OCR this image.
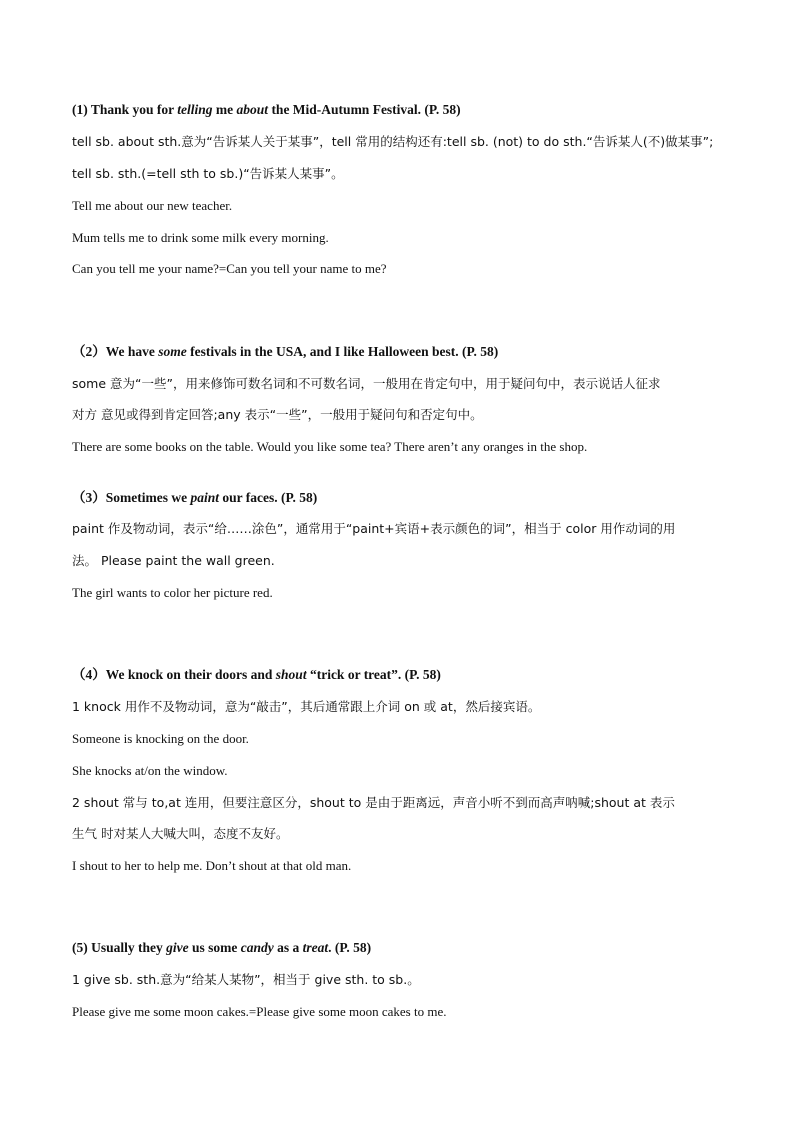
(1) Thank you for telling me about the Mid-Autumn Festival. (P. 58)
tell sb. about sth.意为“告诉某人关于某事”，tell 常用的结构还有:tell sb. (not) to do sth.“告诉某人(不)做某事”;
tell sb. sth.(=tell sth to sb.)“告诉某人某事”。
Tell me about our new teacher.
Mum tells me to drink some milk every morning.
Can you tell me your name?=Can you tell your name to me?
（2）We have some festivals in the USA, and I like Halloween best. (P. 58)
some 意为“一些”，用来修饰可数名词和不可数名词，一般用在肯定句中，用于疑问句中，表示说话人征求
对方 意见或得到肯定回答;any 表示“一些”，一般用于疑问句和否定句中。
There are some books on the table. Would you like some tea? There aren’t any oranges in the shop.
（3）Sometimes we paint our faces. (P. 58)
paint 作及物动词，表示“给……涂色”，通常用于“paint+宾语+表示颜色的词”，相当于 color 用作动词的用
法。 Please paint the wall green.
The girl wants to color her picture red.
（4）We knock on their doors and shout “trick or treat”. (P. 58)
1 knock 用作不及物动词，意为“敲击”，其后通常跟上介词 on 或 at，然后接宾语。
Someone is knocking on the door.
She knocks at/on the window.
2 shout 常与 to,at 连用，但要注意区分，shout to 是由于距离远，声音小听不到而高声呐喊;shout at 表示
生气 时对某人大喊大叫，态度不友好。
I shout to her to help me. Don’t shout at that old man.
(5) Usually they give us some candy as a treat. (P. 58)
1 give sb. sth.意为“给某人某物”，相当于 give sth. to sb.。
Please give me some moon cakes.=Please give some moon cakes to me.
